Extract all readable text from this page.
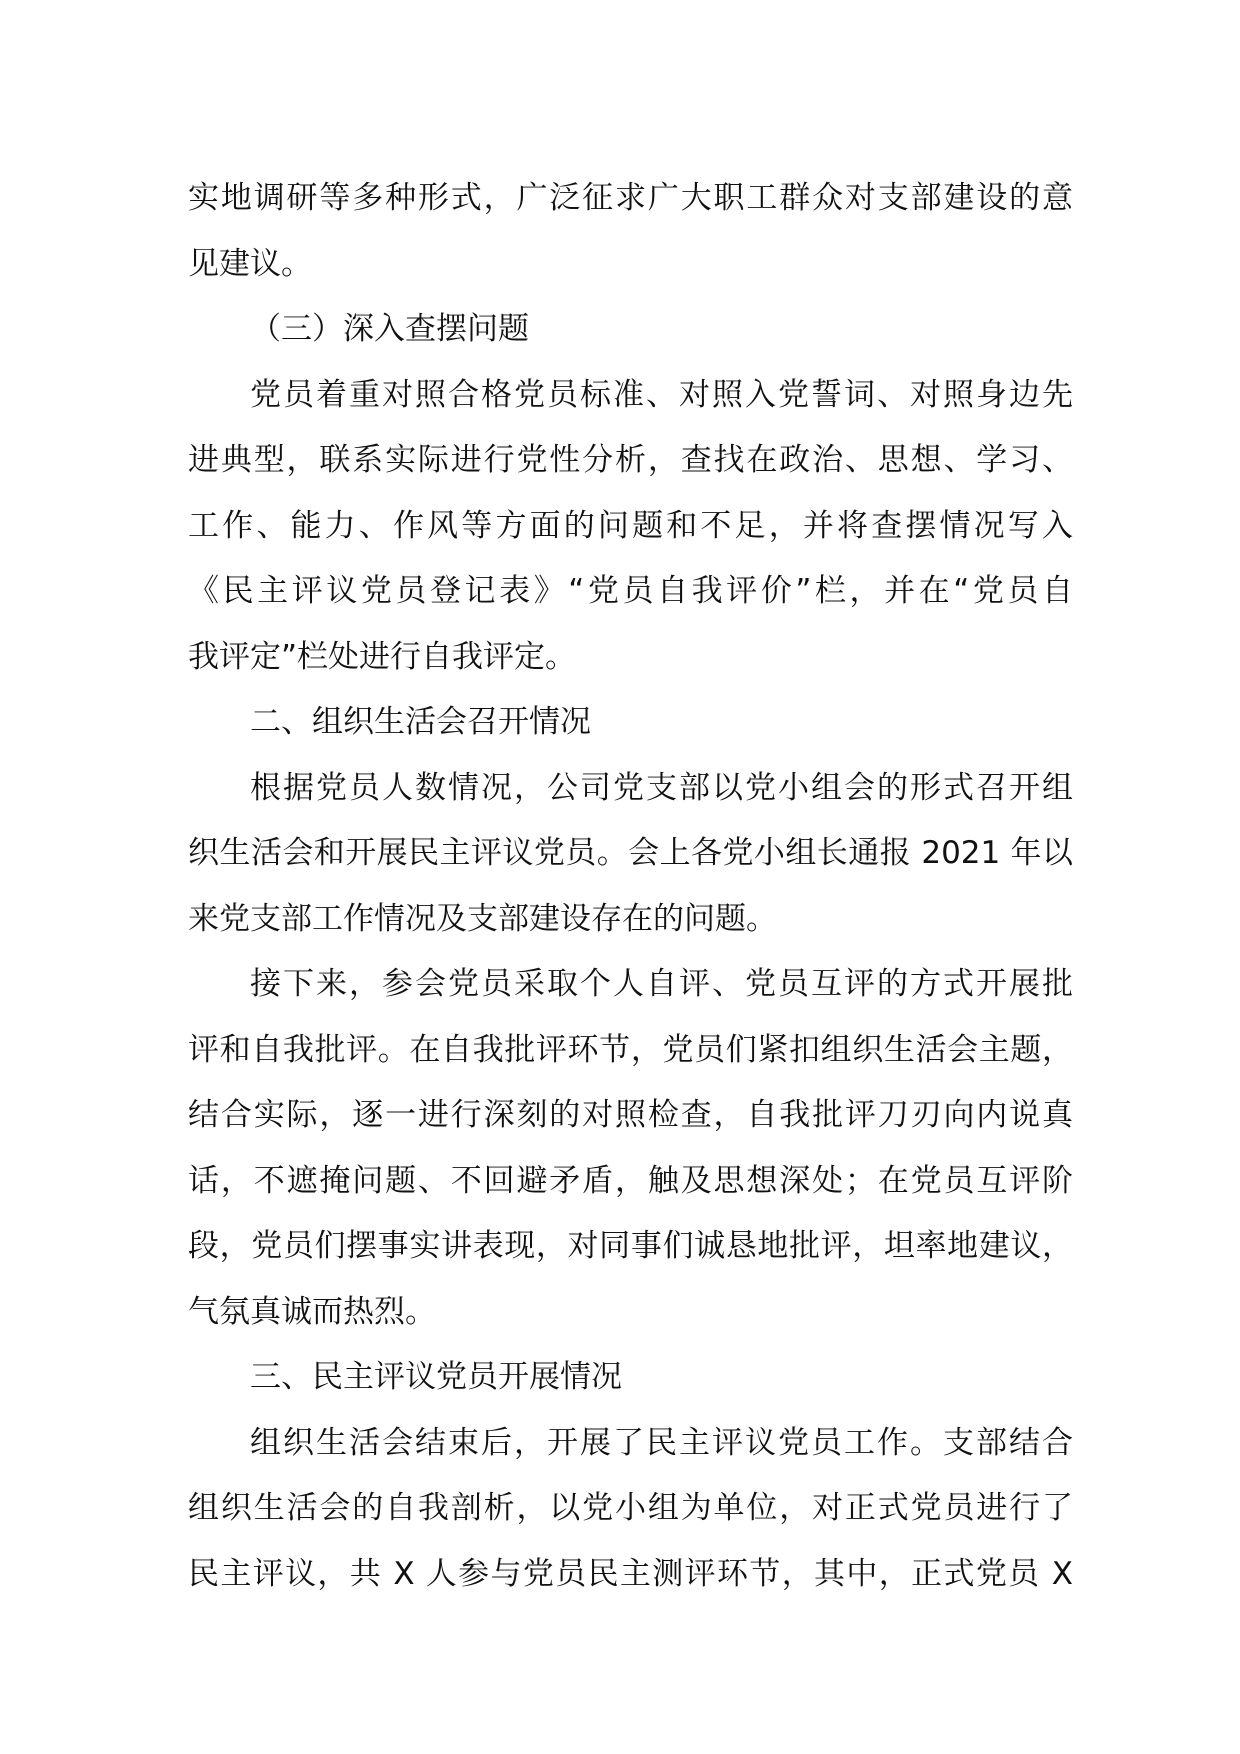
实地调研等多种形式，广泛征求广大职工群众对支部建设的意
见建议。
（三）深入查摆问题
党员着重对照合格党员标准、对照入党誓词、对照身边先
进典型，联系实际进行党性分析，查找在政治、思想、学习、
工作、能力、作风等方面的问题和不足，并将查摆情况写入
《民主评议党员登记表》“党员自我评价”栏，并在“党员自
我评定”栏处进行自我评定。
二、组织生活会召开情况
根据党员人数情况，公司党支部以党小组会的形式召开组
织生活会和开展民主评议党员。会上各党小组长通报 2021 年以
来党支部工作情况及支部建设存在的问题。
接下来，参会党员采取个人自评、党员互评的方式开展批
评和自我批评。在自我批评环节，党员们紧扣组织生活会主题，
结合实际，逐一进行深刻的对照检查，自我批评刀刃向内说真
话，不遮掩问题、不回避矛盾，触及思想深处；在党员互评阶
段，党员们摆事实讲表现，对同事们诚恳地批评，坦率地建议，
气氛真诚而热烈。
三、民主评议党员开展情况
组织生活会结束后，开展了民主评议党员工作。支部结合
组织生活会的自我剖析，以党小组为单位，对正式党员进行了
民主评议，共 X 人参与党员民主测评环节，其中，正式党员 X
